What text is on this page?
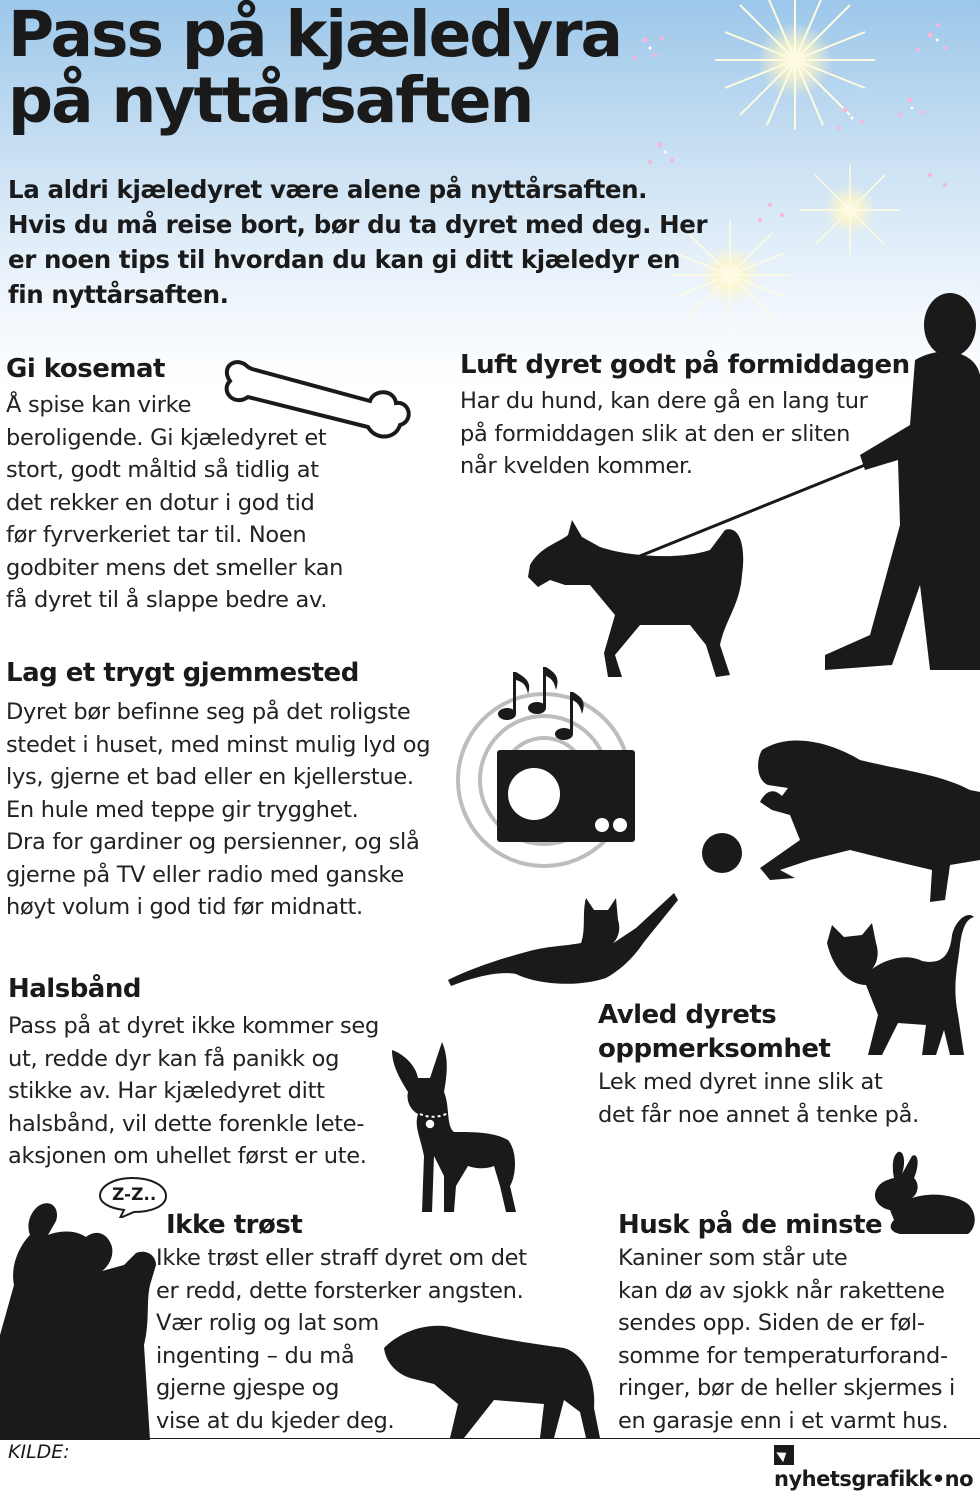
Pass på kjæledyra
på nyttårsaften
La aldri kjæledyret være alene på nyttårsaften. Hvis du må reise bort, bør du ta dyret med deg. Her er noen tips til hvordan du kan gi ditt kjæledyr en fin nyttårsaften.
Gi kosemat
Å spise kan virke
beroligende. Gi kjæledyret et
stort, godt måltid så tidlig at
det rekker en dotur i god tid
før fyrverkeriet tar til. Noen
godbiter mens det smeller kan
få dyret til å slappe bedre av.
Luft dyret godt på formiddagen
Har du hund, kan dere gå en lang tur
på formiddagen slik at den er sliten
når kvelden kommer.
Lag et trygt gjemmested
Dyret bør befinne seg på det roligste
stedet i huset, med minst mulig lyd og
lys, gjerne et bad eller en kjellerstue.
En hule med teppe gir trygghet.
Dra for gardiner og persienner, og slå
gjerne på TV eller radio med ganske
høyt volum i god tid før midnatt.
Halsbånd
Pass på at dyret ikke kommer seg
ut, redde dyr kan få panikk og
stikke av. Har kjæledyret ditt
halsbånd, vil dette forenkle lete-
aksjonen om uhellet først er ute.
Avled dyrets
oppmerksomhet
Lek med dyret inne slik at
det får noe annet å tenke på.
Ikke trøst
Ikke trøst eller straff dyret om det
er redd, dette forsterker angsten.
Vær rolig og lat som
ingenting – du må
gjerne gjespe og
vise at du kjeder deg.
Z-Z..
Husk på de minste
Kaniner som står ute
kan dø av sjokk når rakettene
sendes opp. Siden de er føl-
somme for temperaturforand-
ringer, bør de heller skjermes i
en garasje enn i et varmt hus.
KILDE:
nyhetsgrafikk•no
